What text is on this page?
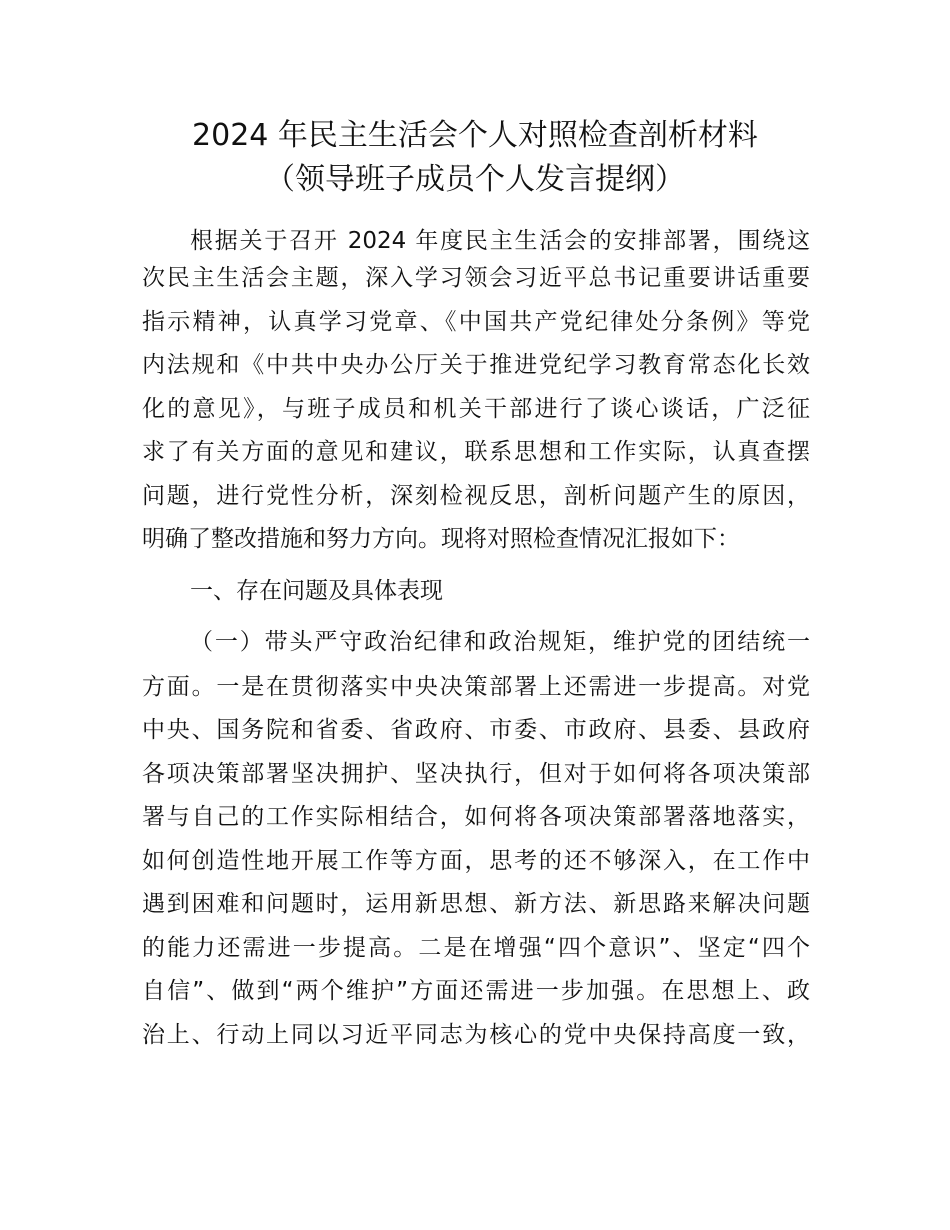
2024 年民主生活会个人对照检查剖析材料
（领导班子成员个人发言提纲）
根据关于召开 2024 年度民主生活会的安排部署，围绕这
次民主生活会主题，深入学习领会习近平总书记重要讲话重要
指示精神，认真学习党章、《中国共产党纪律处分条例》等党
内法规和《中共中央办公厅关于推进党纪学习教育常态化长效
化的意见》，与班子成员和机关干部进行了谈心谈话，广泛征
求了有关方面的意见和建议，联系思想和工作实际，认真查摆
问题，进行党性分析，深刻检视反思，剖析问题产生的原因，
明确了整改措施和努力方向。现将对照检查情况汇报如下：
一、存在问题及具体表现
（一）带头严守政治纪律和政治规矩，维护党的团结统一
方面。一是在贯彻落实中央决策部署上还需进一步提高。对党
中央、国务院和省委、省政府、市委、市政府、县委、县政府
各项决策部署坚决拥护、坚决执行，但对于如何将各项决策部
署与自己的工作实际相结合，如何将各项决策部署落地落实，
如何创造性地开展工作等方面，思考的还不够深入，在工作中
遇到困难和问题时，运用新思想、新方法、新思路来解决问题
的能力还需进一步提高。二是在增强“四个意识”、坚定“四个
自信”、做到“两个维护”方面还需进一步加强。在思想上、政
治上、行动上同以习近平同志为核心的党中央保持高度一致，
